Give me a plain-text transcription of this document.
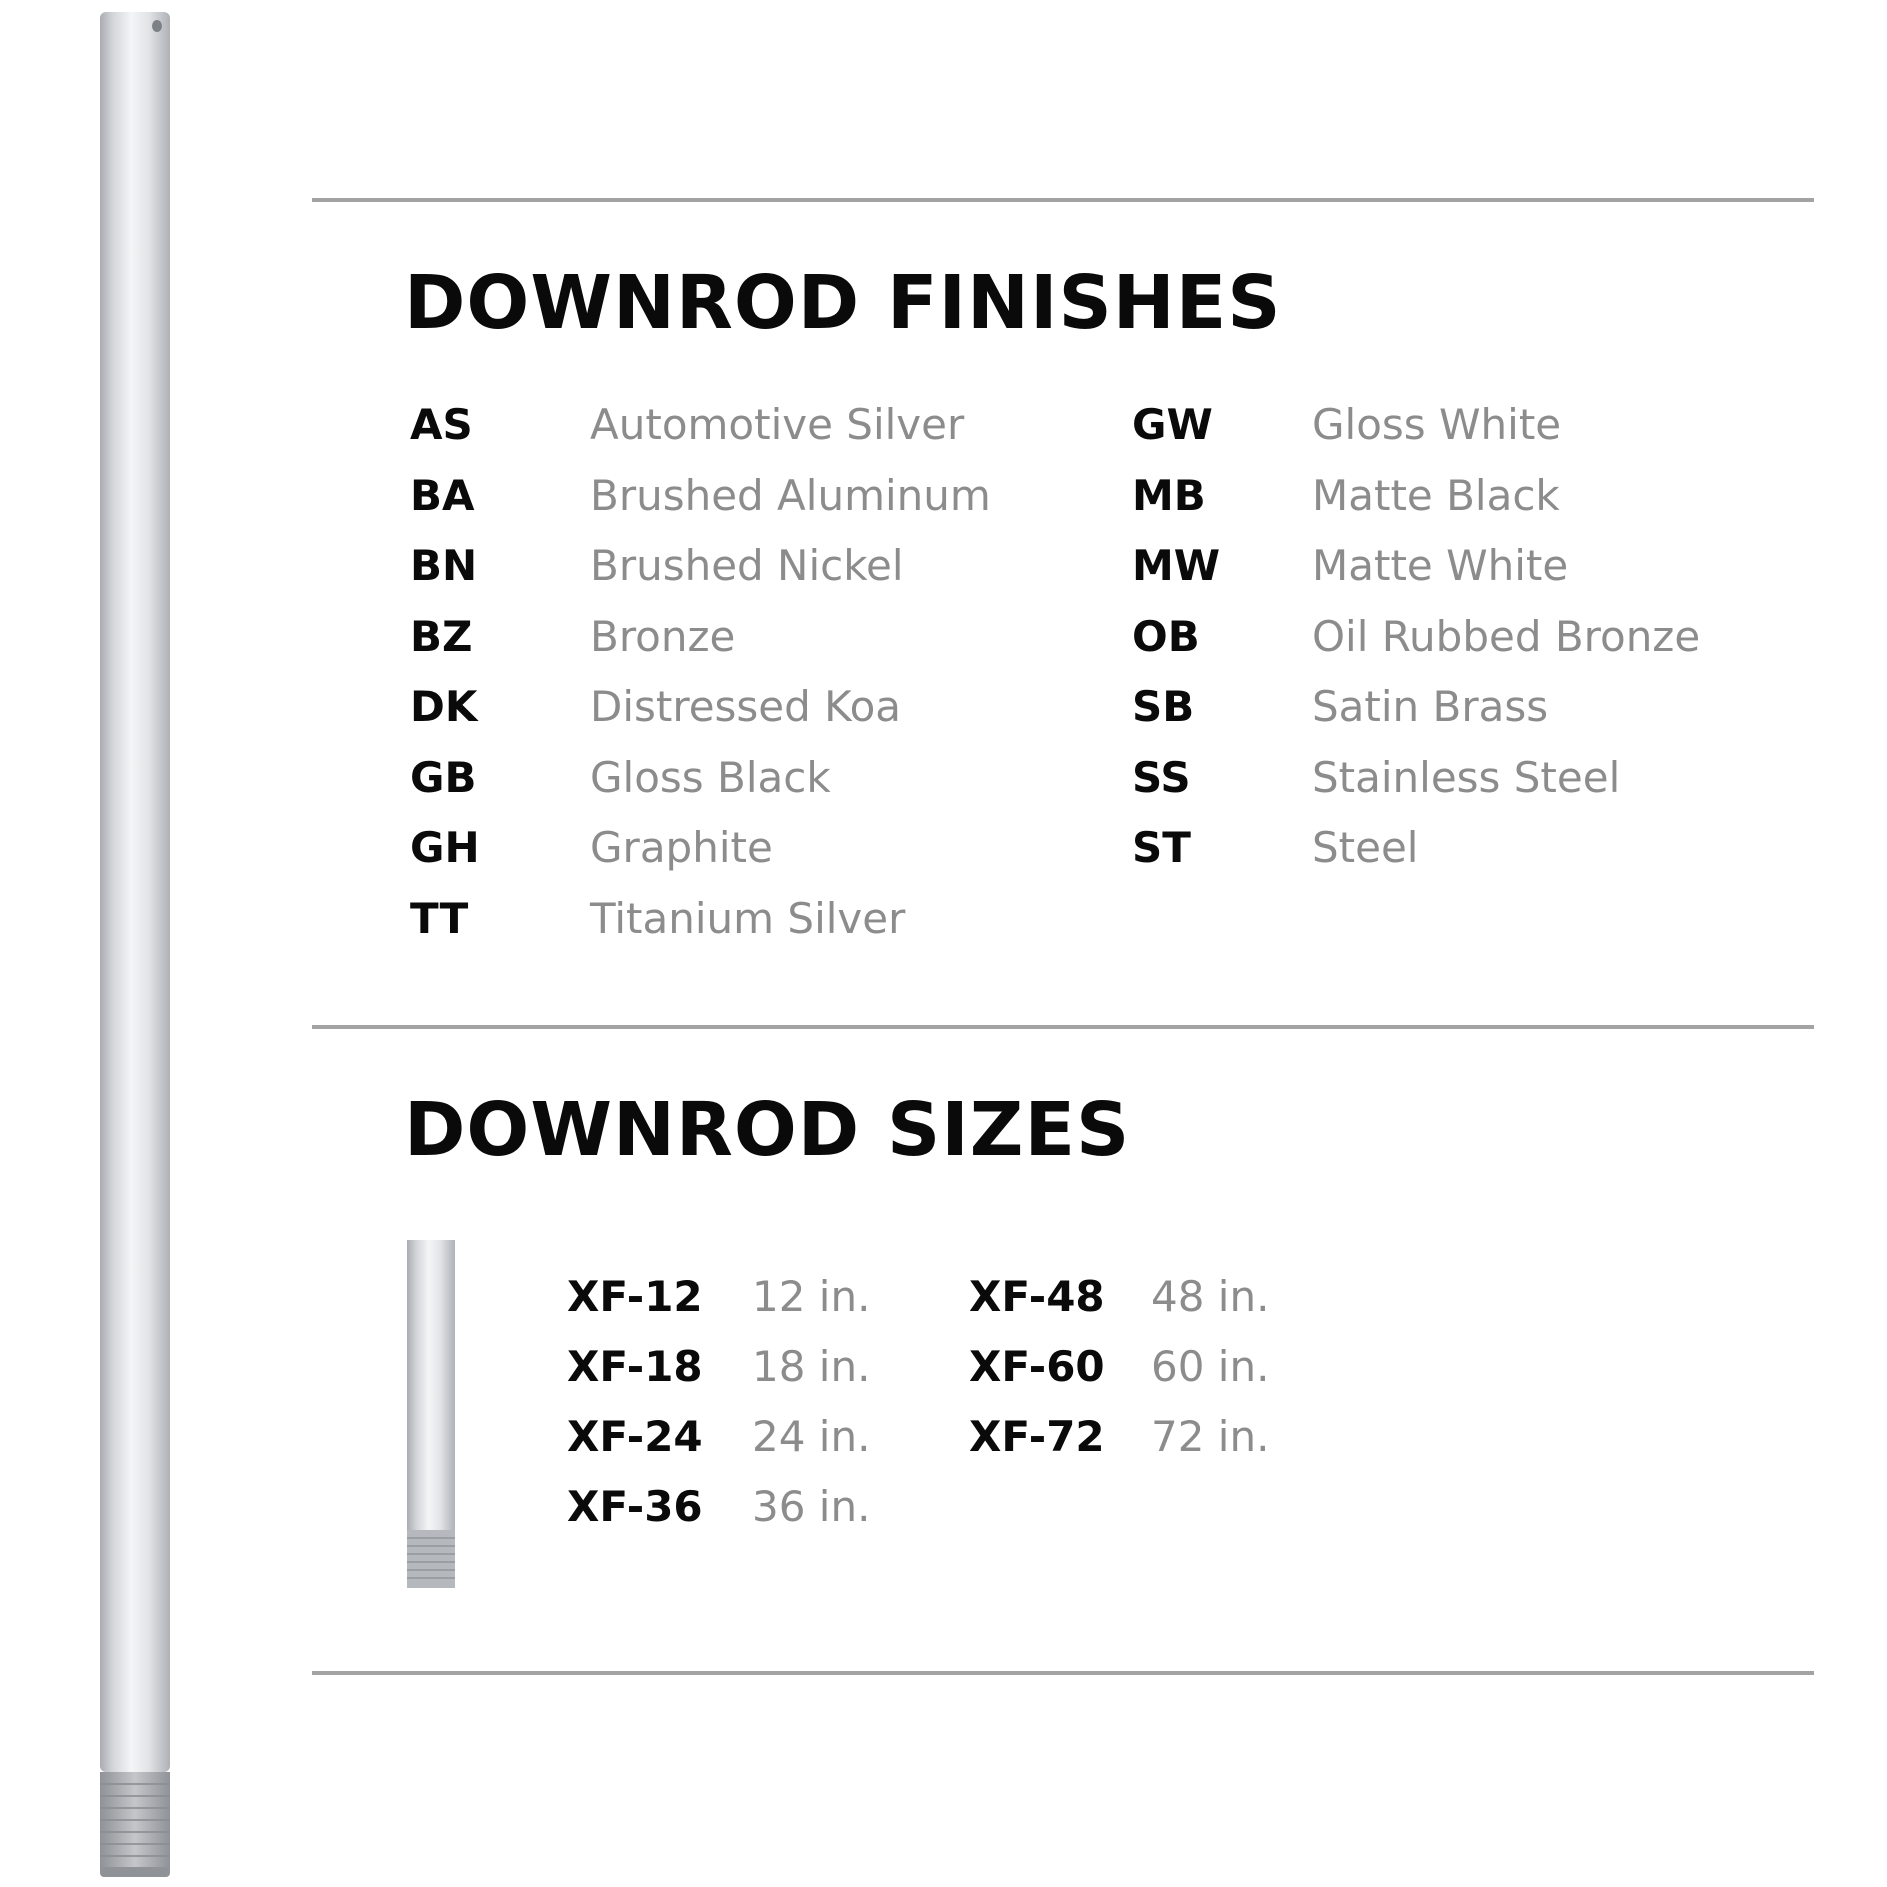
DOWNROD FINISHES
AS	Automotive Silver	GW	Gloss White
BA	Brushed Aluminum	MB	Matte Black
BN	Brushed Nickel	MW	Matte White
BZ	Bronze	OB	Oil Rubbed Bronze
DK	Distressed Koa	SB	Satin Brass
GB	Gloss Black	SS	Stainless Steel
GH	Graphite	ST	Steel
TT	Titanium Silver
DOWNROD SIZES
XF-12	12 in.	XF-48	48 in.
XF-18	18 in.	XF-60	60 in.
XF-24	24 in.	XF-72	72 in.
XF-36	36 in.
